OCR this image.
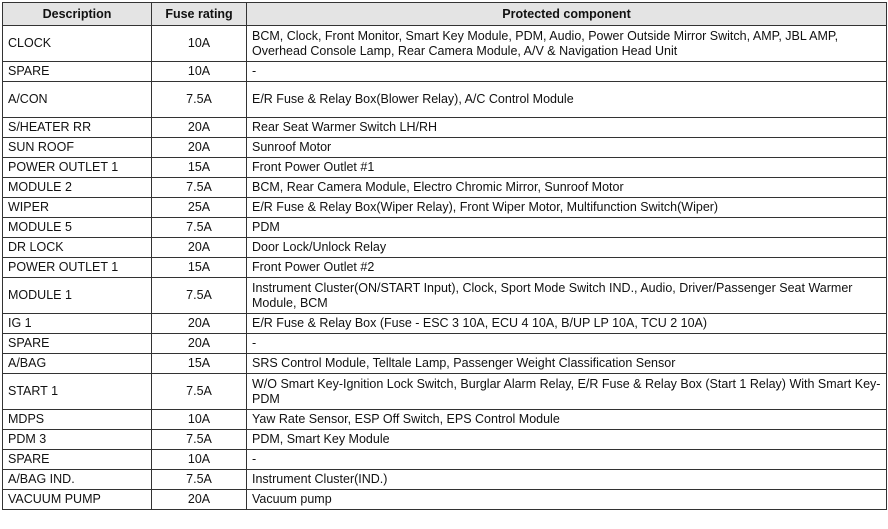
Description	Fuse rating	Protected component
CLOCK	10A	BCM, Clock, Front Monitor, Smart Key Module, PDM, Audio, Power Outside Mirror Switch, AMP, JBL AMP, Overhead Console Lamp, Rear Camera Module, A/V & Navigation Head Unit
SPARE	10A	-
A/CON	7.5A	E/R Fuse & Relay Box(Blower Relay), A/C Control Module
S/HEATER RR	20A	Rear Seat Warmer Switch LH/RH
SUN ROOF	20A	Sunroof Motor
POWER OUTLET 1	15A	Front Power Outlet #1
MODULE 2	7.5A	BCM, Rear Camera Module, Electro Chromic Mirror, Sunroof Motor
WIPER	25A	E/R Fuse & Relay Box(Wiper Relay), Front Wiper Motor, Multifunction Switch(Wiper)
MODULE 5	7.5A	PDM
DR LOCK	20A	Door Lock/Unlock Relay
POWER OUTLET 1	15A	Front Power Outlet #2
MODULE 1	7.5A	Instrument Cluster(ON/START Input), Clock, Sport Mode Switch IND., Audio, Driver/Passenger Seat Warmer Module, BCM
IG 1	20A	E/R Fuse & Relay Box (Fuse - ESC 3 10A, ECU 4 10A, B/UP LP 10A, TCU 2 10A)
SPARE	20A	-
A/BAG	15A	SRS Control Module, Telltale Lamp, Passenger Weight Classification Sensor
START 1	7.5A	W/O Smart Key-Ignition Lock Switch, Burglar Alarm Relay, E/R Fuse & Relay Box (Start 1 Relay) With Smart Key-PDM
MDPS	10A	Yaw Rate Sensor, ESP Off Switch, EPS Control Module
PDM 3	7.5A	PDM, Smart Key Module
SPARE	10A	-
A/BAG IND.	7.5A	Instrument Cluster(IND.)
VACUUM PUMP	20A	Vacuum pump
